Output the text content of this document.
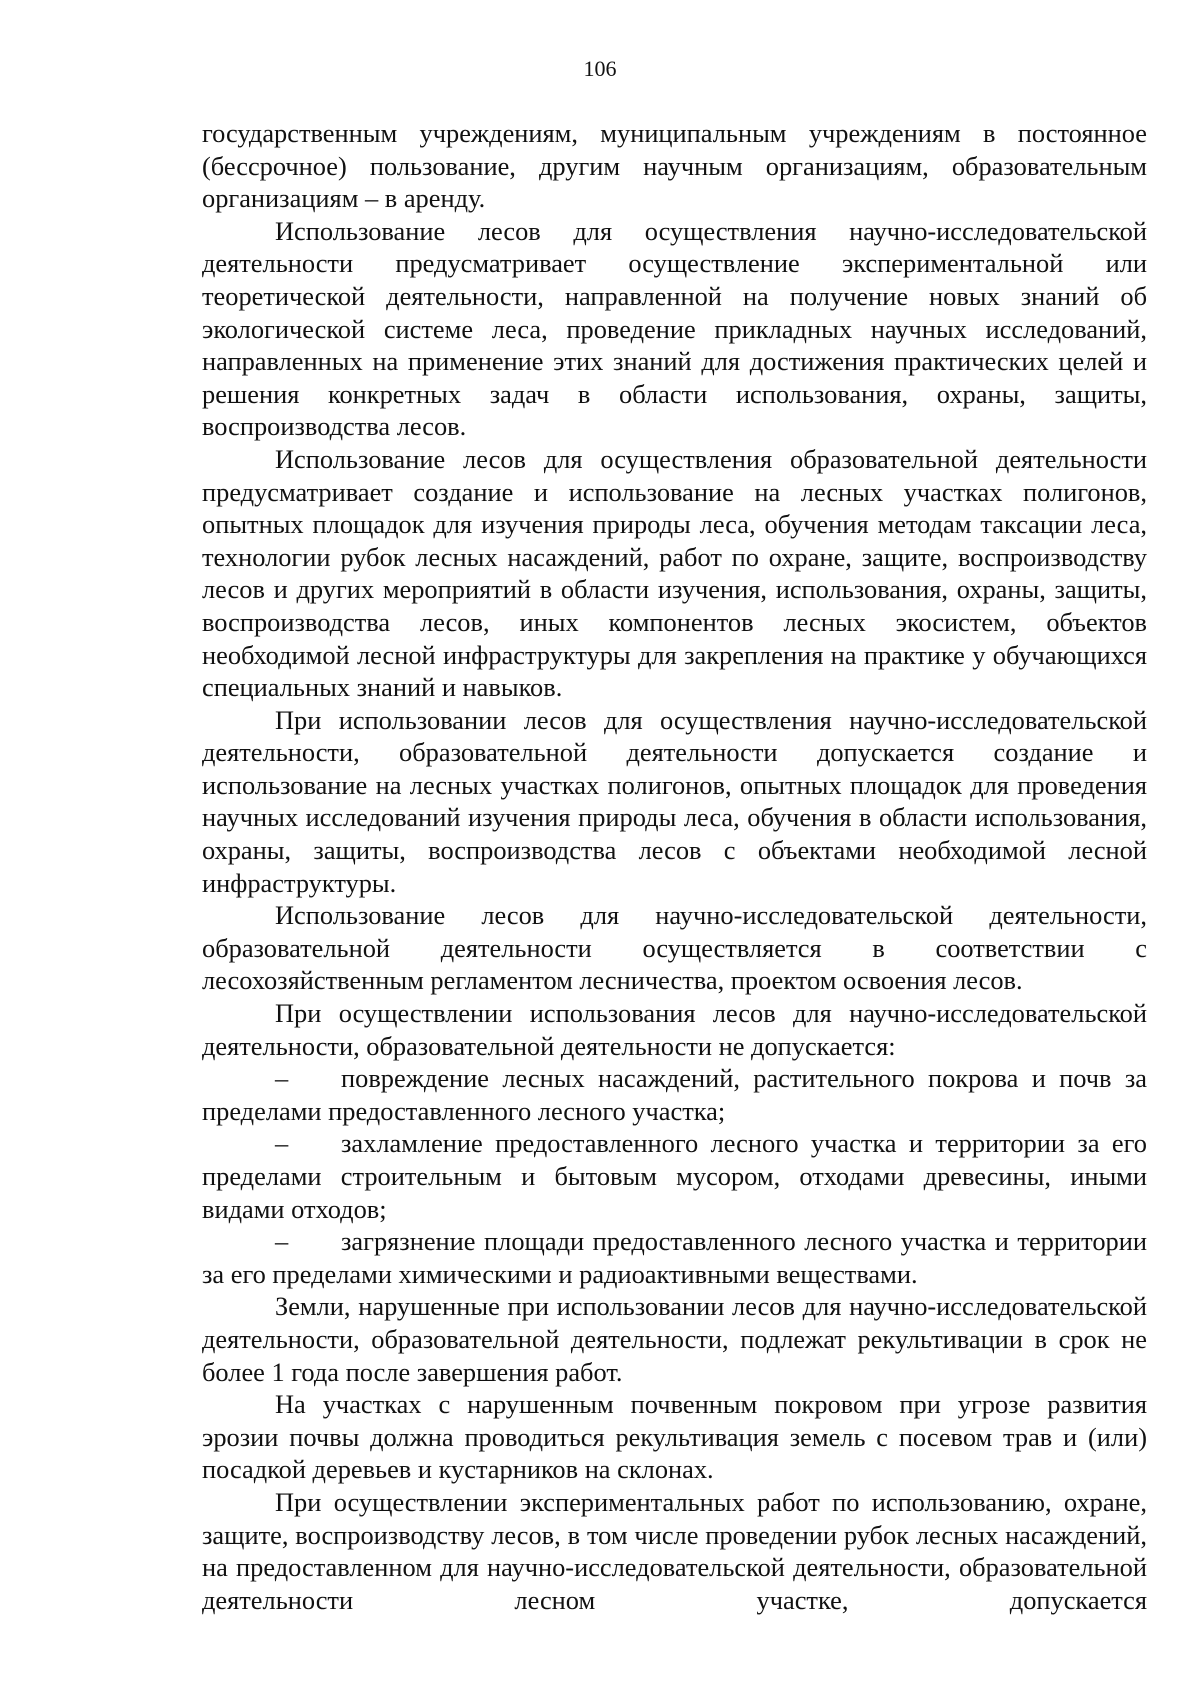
106

государственным учреждениям, муниципальным учреждениям в постоянное (бессрочное) пользование, другим научным организациям, образовательным организациям – в аренду.

Использование лесов для осуществления научно-исследовательской деятельности предусматривает осуществление экспериментальной или теоретической деятельности, направленной на получение новых знаний об экологической системе леса, проведение прикладных научных исследований, направленных на применение этих знаний для достижения практических целей и решения конкретных задач в области использования, охраны, защиты, воспроизводства лесов.

Использование лесов для осуществления образовательной деятельности предусматривает создание и использование на лесных участках полигонов, опытных площадок для изучения природы леса, обучения методам таксации леса, технологии рубок лесных насаждений, работ по охране, защите, воспроизводству лесов и других мероприятий в области изучения, использования, охраны, защиты, воспроизводства лесов, иных компонентов лесных экосистем, объектов необходимой лесной инфраструктуры для закрепления на практике у обучающихся специальных знаний и навыков.

При использовании лесов для осуществления научно-исследовательской деятельности, образовательной деятельности допускается создание и использование на лесных участках полигонов, опытных площадок для проведения научных исследований изучения природы леса, обучения в области использования, охраны, защиты, воспроизводства лесов с объектами необходимой лесной инфраструктуры.

Использование лесов для научно-исследовательской деятельности, образовательной деятельности осуществляется в соответствии с лесохозяйственным регламентом лесничества, проектом освоения лесов.

При осуществлении использования лесов для научно-исследовательской деятельности, образовательной деятельности не допускается:

– повреждение лесных насаждений, растительного покрова и почв за пределами предоставленного лесного участка;

– захламление предоставленного лесного участка и территории за его пределами строительным и бытовым мусором, отходами древесины, иными видами отходов;

– загрязнение площади предоставленного лесного участка и территории за его пределами химическими и радиоактивными веществами.

Земли, нарушенные при использовании лесов для научно-исследовательской деятельности, образовательной деятельности, подлежат рекультивации в срок не более 1 года после завершения работ.

На участках с нарушенным почвенным покровом при угрозе развития эрозии почвы должна проводиться рекультивация земель с посевом трав и (или) посадкой деревьев и кустарников на склонах.

При осуществлении экспериментальных работ по использованию, охране, защите, воспроизводству лесов, в том числе проведении рубок лесных насаждений, на предоставленном для научно-исследовательской деятельности, образовательной деятельности лесном участке, допускается
